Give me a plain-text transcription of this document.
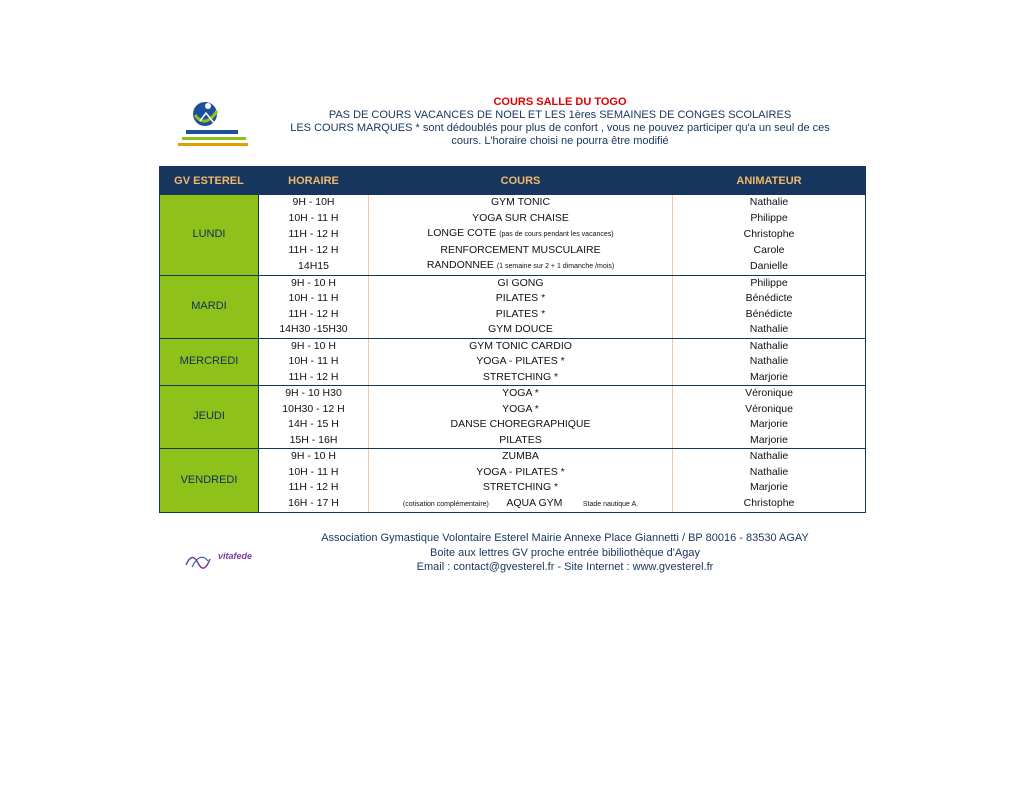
COURS SALLE DU TOGO
PAS DE COURS VACANCES DE NOEL ET LES 1ères SEMAINES DE CONGES SCOLAIRES
LES COURS MARQUES * sont dédoublés pour plus de confort , vous ne pouvez participer qu'a un seul de ces
cours. L'horaire choisi ne pourra être modifié
GV ESTEREL	HORAIRE	COURS	ANIMATEUR
LUNDI	9H - 10H	GYM TONIC	Nathalie
	10H - 11 H	YOGA SUR CHAISE	Philippe
	11H - 12 H	LONGE COTE (pas de cours pendant les vacances)	Christophe
	11H - 12 H	RENFORCEMENT MUSCULAIRE	Carole
	14H15	RANDONNEE (1 semaine sur 2 + 1 dimanche /mois)	Danielle
MARDI	9H - 10 H	GI GONG	Philippe
	10H - 11 H	PILATES *	Bénédicte
	11H - 12 H	PILATES *	Bénédicte
	14H30 -15H30	GYM DOUCE	Nathalie
MERCREDI	9H - 10 H	GYM TONIC CARDIO	Nathalie
	10H - 11 H	YOGA - PILATES *	Nathalie
	11H - 12 H	STRETCHING *	Marjorie
JEUDI	9H - 10 H30	YOGA *	Véronique
	10H30 - 12 H	YOGA *	Véronique
	14H - 15 H	DANSE CHOREGRAPHIQUE	Marjorie
	15H - 16H	PILATES	Marjorie
VENDREDI	9H - 10 H	ZUMBA	Nathalie
	10H - 11 H	YOGA - PILATES *	Nathalie
	11H - 12 H	STRETCHING *	Marjorie
	16H - 17 H	(cotisation complémentaire) AQUA GYM Stade nautique A.	Christophe
vitafede
Association Gymastique Volontaire Esterel Mairie Annexe Place Giannetti / BP 80016 - 83530 AGAY
Boite aux lettres GV proche entrée bibiliothèque d'Agay
Email : contact@gvesterel.fr - Site Internet : www.gvesterel.fr
